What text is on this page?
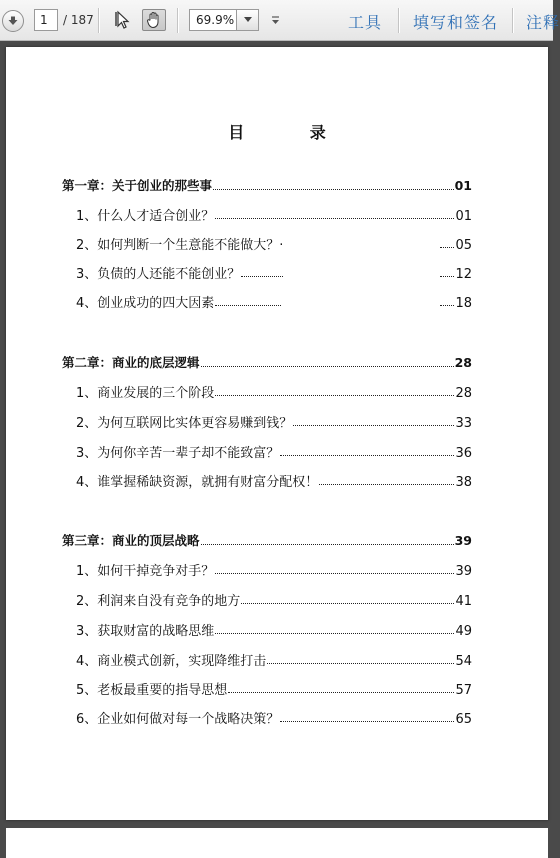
1	/ 187	69.9%	工具 填写和签名 注释
目 录
第一章：关于创业的那些事	01
1、什么人才适合创业？	01
2、如何判断一个生意能不能做大？·	05
3、负债的人还能不能创业？	12
4、创业成功的四大因素	18
第二章：商业的底层逻辑	28
1、商业发展的三个阶段	28
2、为何互联网比实体更容易赚到钱？	33
3、为何你辛苦一辈子却不能致富？	36
4、谁掌握稀缺资源，就拥有财富分配权！	38
第三章：商业的顶层战略	39
1、如何干掉竞争对手？	39
2、利润来自没有竞争的地方	41
3、获取财富的战略思维	49
4、商业模式创新，实现降维打击	54
5、老板最重要的指导思想	57
6、企业如何做对每一个战略决策？	65
